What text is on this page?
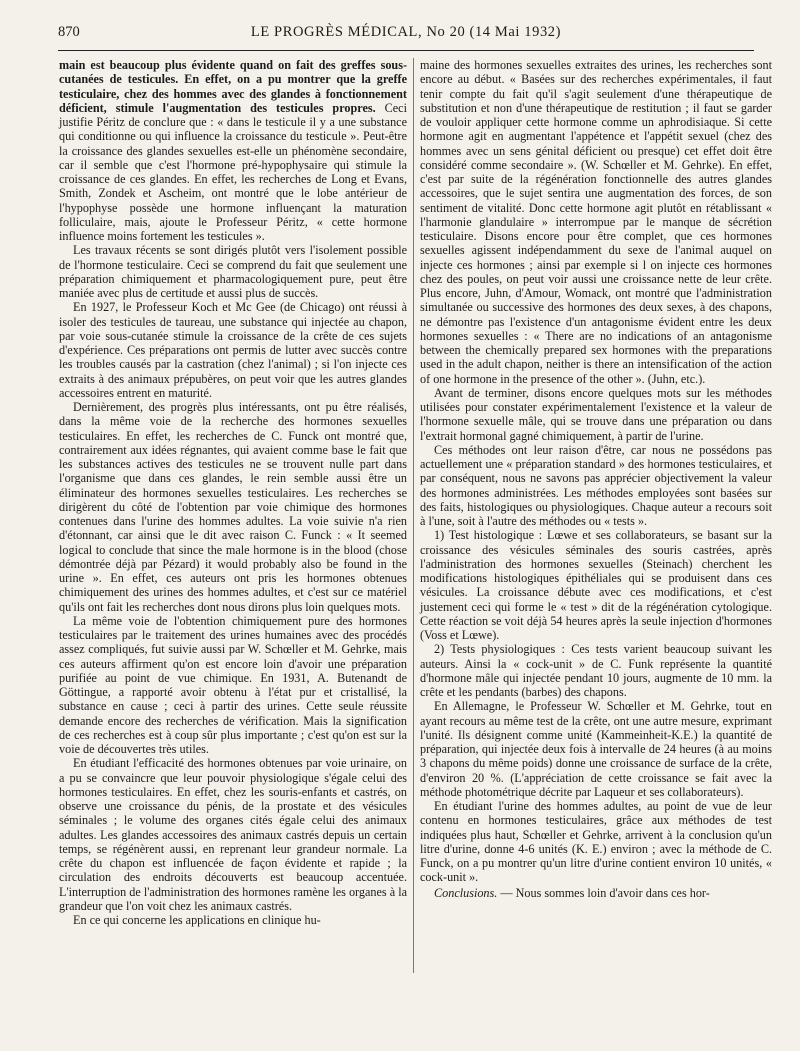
870	LE PROGRÈS MÉDICAL, No 20 (14 Mai 1932)

main est beaucoup plus évidente quand on fait des greffes sous-cutanées de testicules. En effet, on a pu montrer que la greffe testiculaire, chez des hommes avec des glandes à fonctionnement déficient, stimule l'augmentation des testicules propres. Ceci justifie Péritz de conclure que : « dans le testicule il y a une substance qui conditionne ou qui influence la croissance du testicule ». Peut-être la croissance des glandes sexuelles est-elle un phénomène secondaire, car il semble que c'est l'hormone pré-hypophysaire qui stimule la croissance de ces glandes. En effet, les recherches de Long et Evans, Smith, Zondek et Ascheim, ont montré que le lobe antérieur de l'hypophyse possède une hormone influençant la maturation folliculaire, mais, ajoute le Professeur Péritz, « cette hormone influence moins fortement les testicules ».

Les travaux récents se sont dirigés plutôt vers l'isolement possible de l'hormone testiculaire. Ceci se comprend du fait que seulement une préparation chimiquement et pharmacologiquement pure, peut être maniée avec plus de certitude et aussi plus de succès.

En 1927, le Professeur Koch et Mc Gee (de Chicago) ont réussi à isoler des testicules de taureau, une substance qui injectée au chapon, par voie sous-cutanée stimule la croissance de la crête de ces sujets d'expérience. Ces préparations ont permis de lutter avec succès contre les troubles causés par la castration (chez l'animal) ; si l'on injecte ces extraits à des animaux prépubères, on peut voir que les autres glandes accessoires entrent en maturité.

Dernièrement, des progrès plus intéressants, ont pu être réalisés, dans la même voie de la recherche des hormones sexuelles testiculaires. En effet, les recherches de C. Funck ont montré que, contrairement aux idées régnantes, qui avaient comme base le fait que les substances actives des testicules ne se trouvent nulle part dans l'organisme que dans ces glandes, le rein semble aussi être un éliminateur des hormones sexuelles testiculaires. Les recherches se dirigèrent du côté de l'obtention par voie chimique des hormones contenues dans l'urine des hommes adultes. La voie suivie n'a rien d'étonnant, car ainsi que le dit avec raison C. Funck : « It seemed logical to conclude that since the male hormone is in the blood (chose démontrée déjà par Pézard) it would probably also be found in the urine ». En effet, ces auteurs ont pris les hormones obtenues chimiquement des urines des hommes adultes, et c'est sur ce matériel qu'ils ont fait les recherches dont nous dirons plus loin quelques mots.

La même voie de l'obtention chimiquement pure des hormones testiculaires par le traitement des urines humaines avec des procédés assez compliqués, fut suivie aussi par W. Schœller et M. Gehrke, mais ces auteurs affirment qu'on est encore loin d'avoir une préparation purifiée au point de vue chimique. En 1931, A. Butenandt de Göttingue, a rapporté avoir obtenu à l'état pur et cristallisé, la substance en cause ; ceci à partir des urines. Cette seule réussite demande encore des recherches de vérification. Mais la signification de ces recherches est à coup sûr plus importante ; c'est qu'on est sur la voie de découvertes très utiles.

En étudiant l'efficacité des hormones obtenues par voie urinaire, on a pu se convaincre que leur pouvoir physiologique s'égale celui des hormones testiculaires. En effet, chez les souris-enfants et castrés, on observe une croissance du pénis, de la prostate et des vésicules séminales ; le volume des organes cités égale celui des animaux adultes. Les glandes accessoires des animaux castrés depuis un certain temps, se régénèrent aussi, en reprenant leur grandeur normale. La crête du chapon est influencée de façon évidente et rapide ; la circulation des endroits découverts est beaucoup accentuée. L'interruption de l'administration des hormones ramène les organes à la grandeur que l'on voit chez les animaux castrés.

En ce qui concerne les applications en clinique hu-

maine des hormones sexuelles extraites des urines, les recherches sont encore au début. « Basées sur des recherches expérimentales, il faut tenir compte du fait qu'il s'agit seulement d'une thérapeutique de substitution et non d'une thérapeutique de restitution ; il faut se garder de vouloir appliquer cette hormone comme un aphrodisiaque. Si cette hormone agit en augmentant l'appétence et l'appétit sexuel (chez des hommes avec un sens génital déficient ou presque) cet effet doit être considéré comme secondaire ». (W. Schœller et M. Gehrke). En effet, c'est par suite de la régénération fonctionnelle des autres glandes accessoires, que le sujet sentira une augmentation des forces, de son sentiment de vitalité. Donc cette hormone agit plutôt en rétablissant « l'harmonie glandulaire » interrompue par le manque de sécrétion testiculaire. Disons encore pour être complet, que ces hormones sexuelles agissent indépendamment du sexe de l'animal auquel on injecte ces hormones ; ainsi par exemple si l on injecte ces hormones chez des poules, on peut voir aussi une croissance nette de leur crête. Plus encore, Juhn, d'Amour, Womack, ont montré que l'administration simultanée ou successive des hormones des deux sexes, à des chapons, ne démontre pas l'existence d'un antagonisme évident entre les deux hormones sexuelles : « There are no indications of an antagonisme between the chemically prepared sex hormones with the preparations used in the adult chapon, neither is there an intensification of the action of one hormone in the presence of the other ». (Juhn, etc.).

Avant de terminer, disons encore quelques mots sur les méthodes utilisées pour constater expérimentalement l'existence et la valeur de l'hormone sexuelle mâle, qui se trouve dans une préparation ou dans l'extrait hormonal gagné chimiquement, à partir de l'urine.

Ces méthodes ont leur raison d'être, car nous ne possédons pas actuellement une « préparation standard » des hormones testiculaires, et par conséquent, nous ne savons pas apprécier objectivement la valeur des hormones administrées. Les méthodes employées sont basées sur des faits, histologiques ou physiologiques. Chaque auteur a recours soit à l'une, soit à l'autre des méthodes ou « tests ».

1) Test histologique : Lœwe et ses collaborateurs, se basant sur la croissance des vésicules séminales des souris castrées, après l'administration des hormones sexuelles (Steinach) cherchent les modifications histologiques épithéliales qui se produisent dans ces vésicules. La croissance débute avec ces modifications, et c'est justement ceci qui forme le « test » dit de la régénération cytologique. Cette réaction se voit déjà 54 heures après la seule injection d'hormones (Voss et Lœwe).

2) Tests physiologiques : Ces tests varient beaucoup suivant les auteurs. Ainsi la « cock-unit » de C. Funk représente la quantité d'hormone mâle qui injectée pendant 10 jours, augmente de 10 mm. la crête et les pendants (barbes) des chapons.

En Allemagne, le Professeur W. Schœller et M. Gehrke, tout en ayant recours au même test de la crête, ont une autre mesure, exprimant l'unité. Ils désignent comme unité (Kammeinheit-K.E.) la quantité de préparation, qui injectée deux fois à intervalle de 24 heures (à au moins 3 chapons du même poids) donne une croissance de surface de la crête, d'environ 20 %. (L'appréciation de cette croissance se fait avec la méthode photométrique décrite par Laqueur et ses collaborateurs).

En étudiant l'urine des hommes adultes, au point de vue de leur contenu en hormones testiculaires, grâce aux méthodes de test indiquées plus haut, Schœller et Gehrke, arrivent à la conclusion qu'un litre d'urine, donne 4-6 unités (K. E.) environ ; avec la méthode de C. Funck, on a pu montrer qu'un litre d'urine contient environ 10 unités, « cock-unit ».

Conclusions. — Nous sommes loin d'avoir dans ces hor-
